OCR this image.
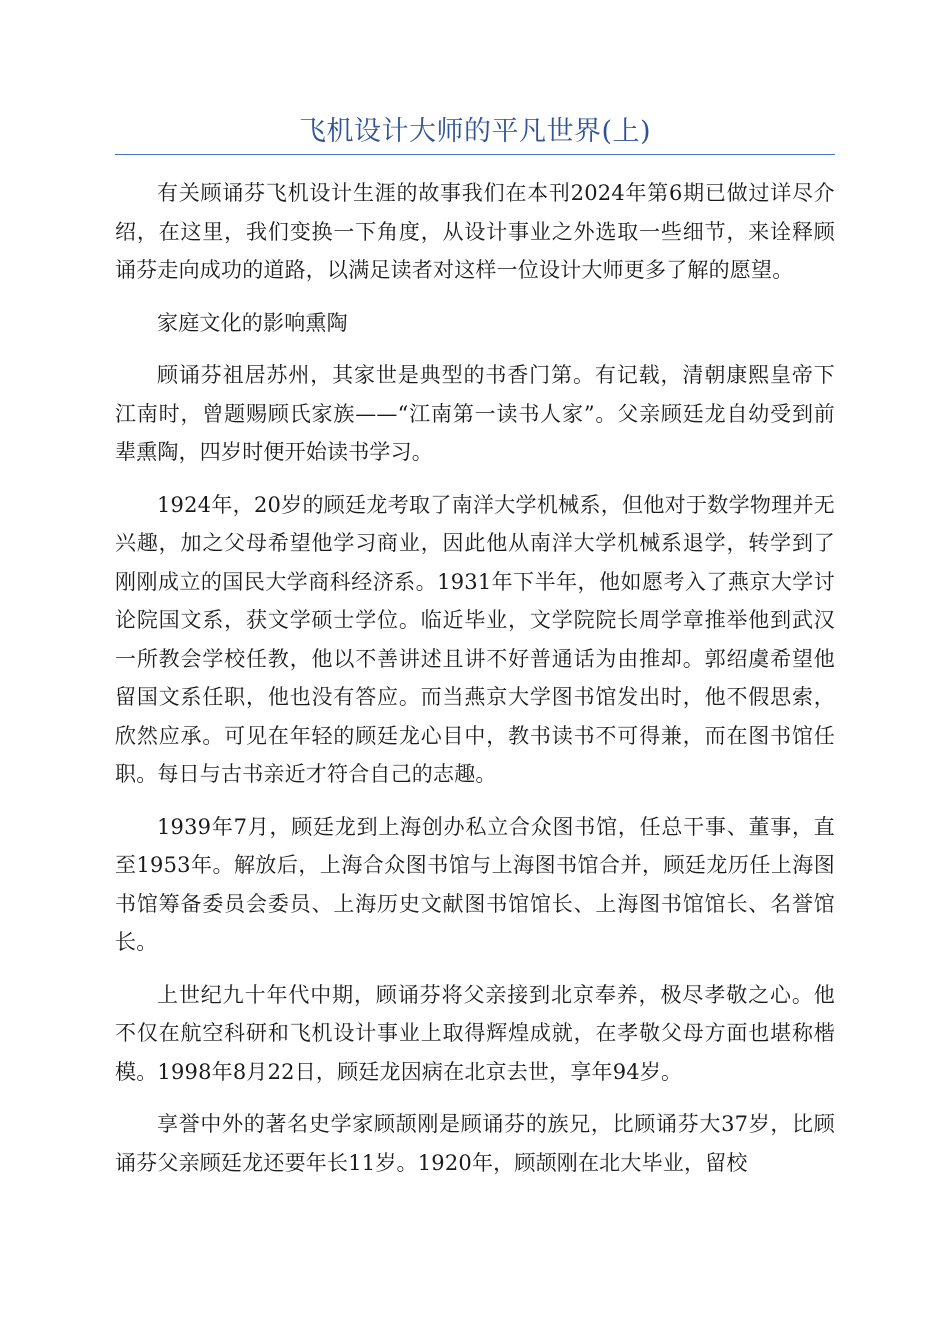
飞机设计大师的平凡世界(上)

有关顾诵芬飞机设计生涯的故事我们在本刊2024年第6期已做过详尽介绍，在这里，我们变换一下角度，从设计事业之外选取一些细节，来诠释顾诵芬走向成功的道路，以满足读者对这样一位设计大师更多了解的愿望。

家庭文化的影响熏陶

顾诵芬祖居苏州，其家世是典型的书香门第。有记载，清朝康熙皇帝下江南时，曾题赐顾氏家族——“江南第一读书人家”。父亲顾廷龙自幼受到前辈熏陶，四岁时便开始读书学习。

1924年，20岁的顾廷龙考取了南洋大学机械系，但他对于数学物理并无兴趣，加之父母希望他学习商业，因此他从南洋大学机械系退学，转学到了刚刚成立的国民大学商科经济系。1931年下半年，他如愿考入了燕京大学讨论院国文系，获文学硕士学位。临近毕业，文学院院长周学章推举他到武汉一所教会学校任教，他以不善讲述且讲不好普通话为由推却。郭绍虞希望他留国文系任职，他也没有答应。而当燕京大学图书馆发出时，他不假思索，欣然应承。可见在年轻的顾廷龙心目中，教书读书不可得兼，而在图书馆任职。每日与古书亲近才符合自己的志趣。

1939年7月，顾廷龙到上海创办私立合众图书馆，任总干事、董事，直至1953年。解放后，上海合众图书馆与上海图书馆合并，顾廷龙历任上海图书馆筹备委员会委员、上海历史文献图书馆馆长、上海图书馆馆长、名誉馆长。

上世纪九十年代中期，顾诵芬将父亲接到北京奉养，极尽孝敬之心。他不仅在航空科研和飞机设计事业上取得辉煌成就，在孝敬父母方面也堪称楷模。1998年8月22日，顾廷龙因病在北京去世，享年94岁。

享誉中外的著名史学家顾颉刚是顾诵芬的族兄，比顾诵芬大37岁，比顾诵芬父亲顾廷龙还要年长11岁。1920年，顾颉刚在北大毕业，留校
